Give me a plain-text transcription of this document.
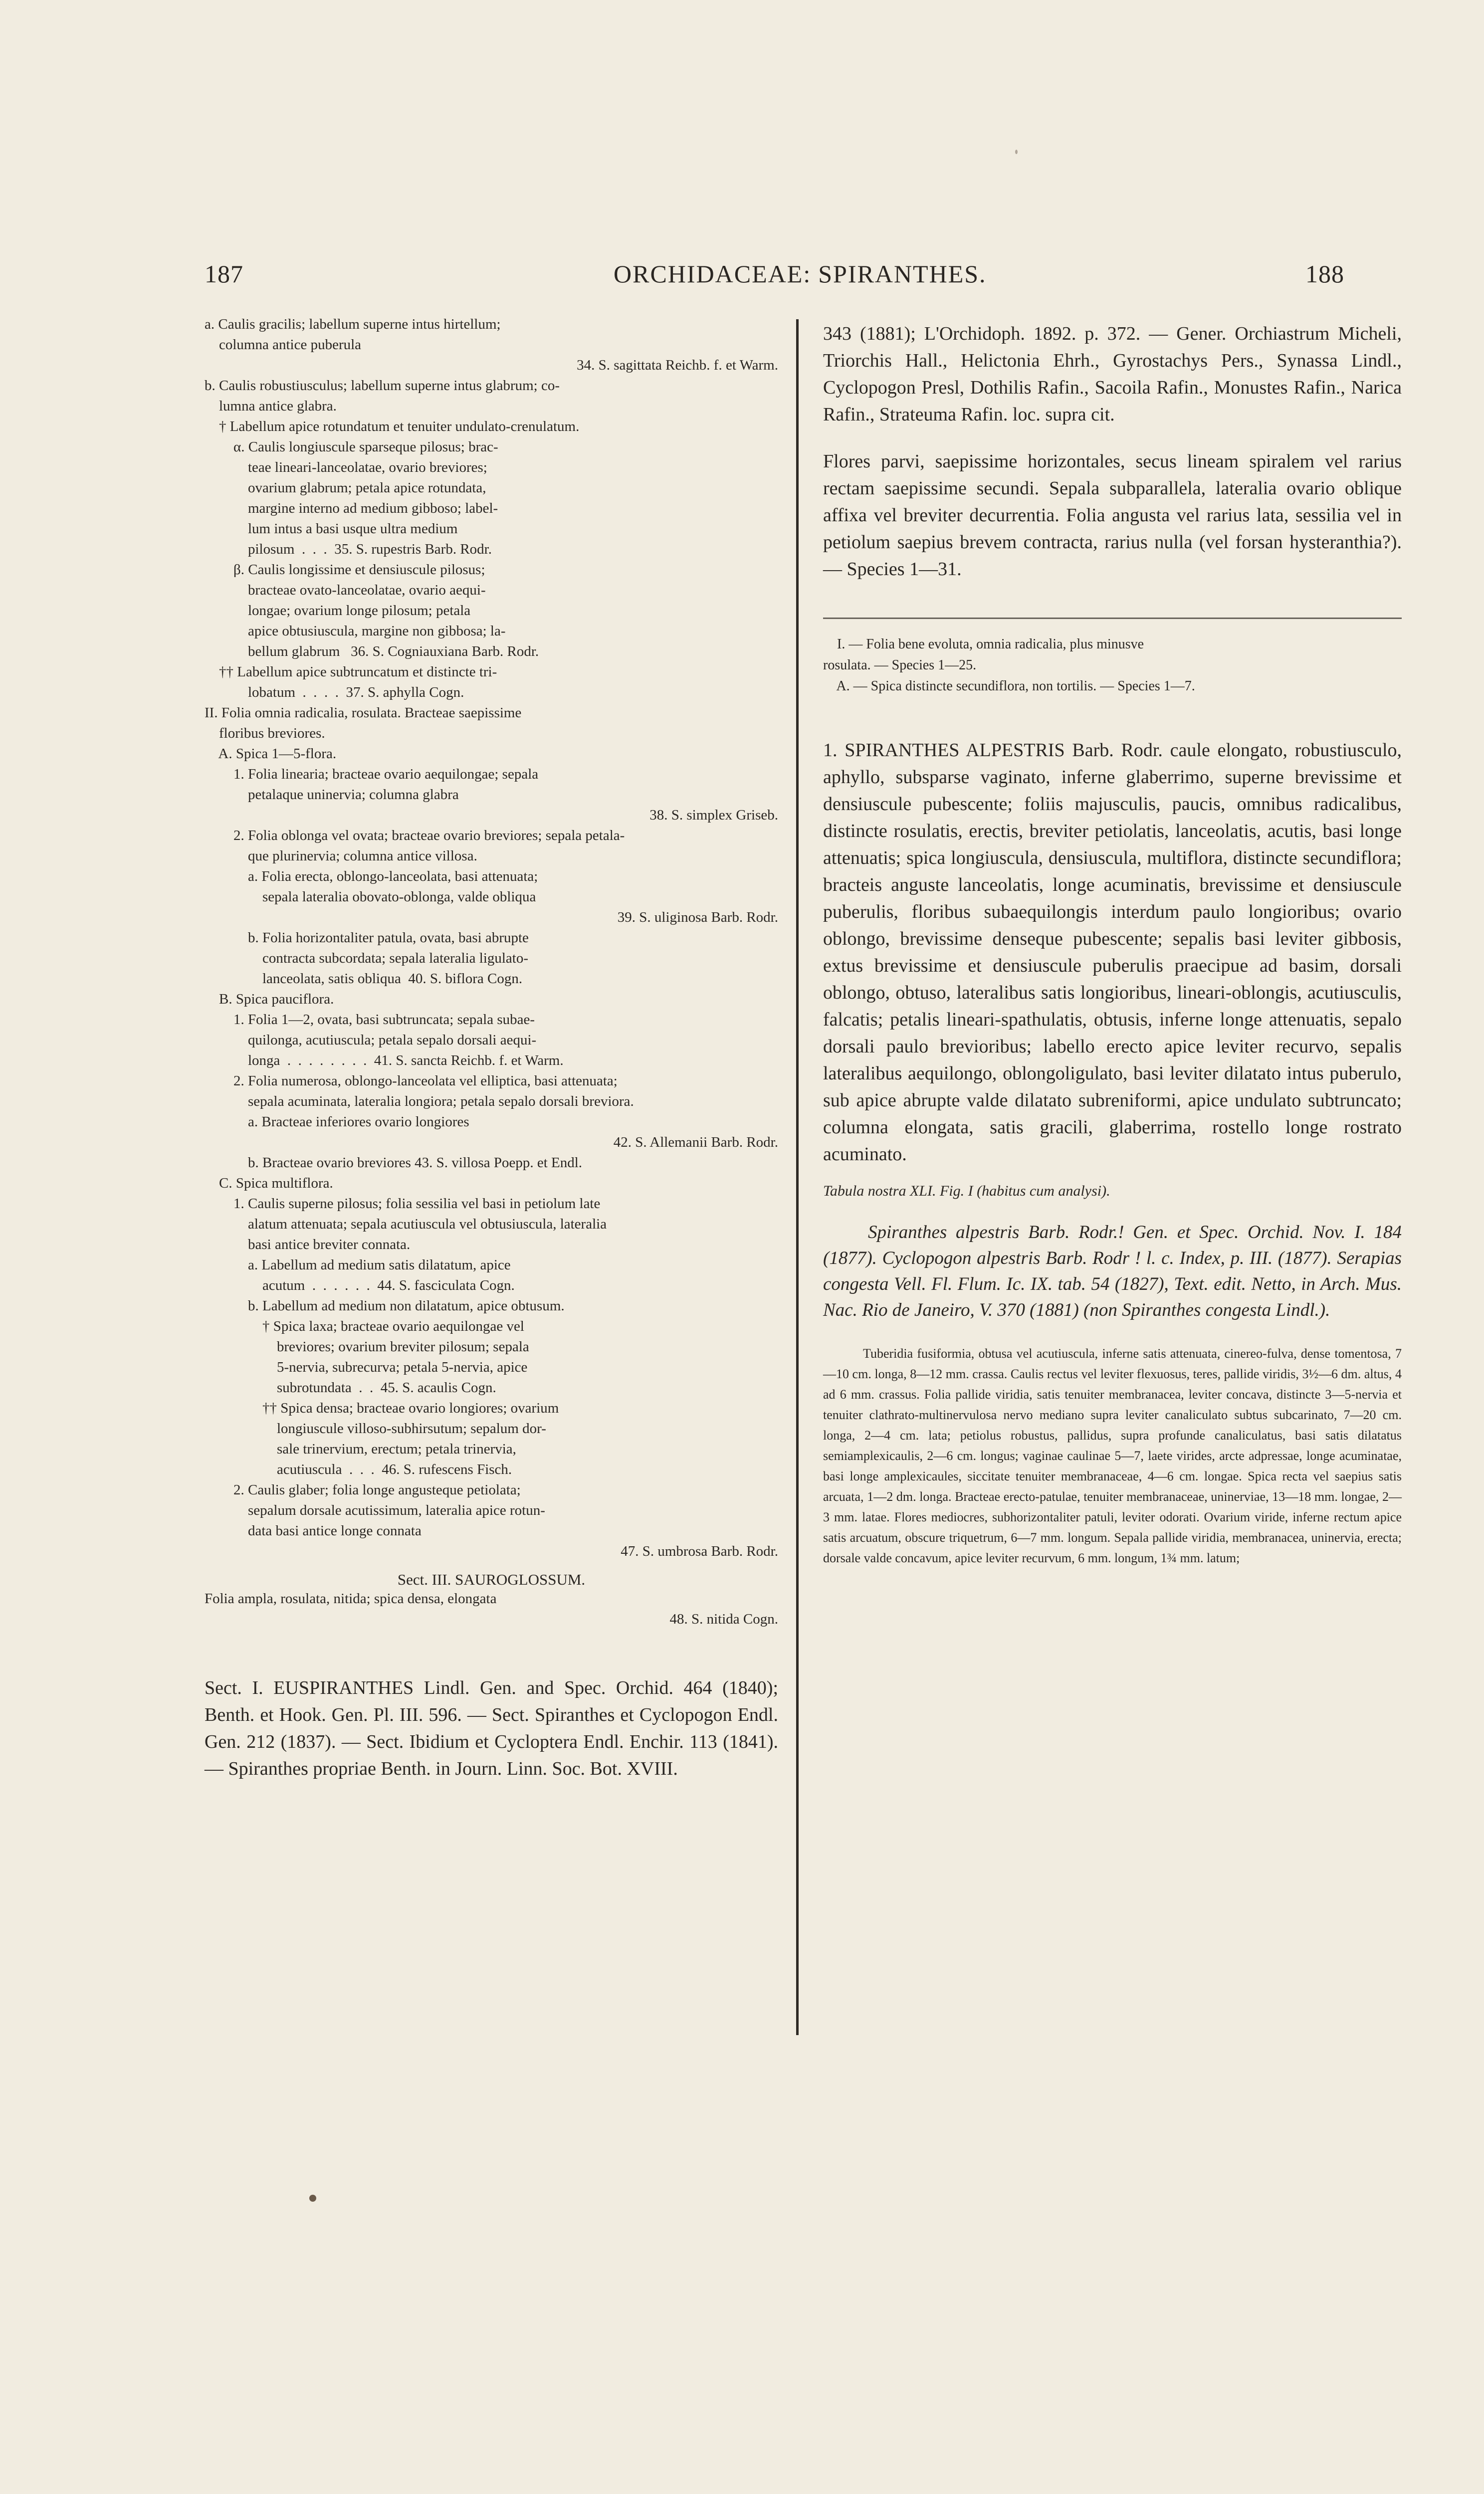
187	ORCHIDACEAE: SPIRANTHES.	188
a. Caulis gracilis; labellum superne intus hirtellum;
columna antice puberula
34. S. sagittata Reichb. f. et Warm.
b. Caulis robustiusculus; labellum superne intus glabrum; co-
lumna antice glabra.
† Labellum apice rotundatum et tenuiter undulato-crenulatum.
α. Caulis longiuscule sparseque pilosus; brac-
teae lineari-lanceolatae, ovario breviores;
ovarium glabrum; petala apice rotundata,
margine interno ad medium gibboso; label-
lum intus a basi usque ultra medium
pilosum  .  .  .  35. S. rupestris Barb. Rodr.
β. Caulis longissime et densiuscule pilosus;
bracteae ovato-lanceolatae, ovario aequi-
longae; ovarium longe pilosum; petala
apice obtusiuscula, margine non gibbosa; la-
bellum glabrum   36. S. Cogniauxiana Barb. Rodr.
†† Labellum apice subtruncatum et distincte tri-
lobatum  .  .  .  .  37. S. aphylla Cogn.
II. Folia omnia radicalia, rosulata. Bracteae saepissime
floribus breviores.
A. Spica 1—5-flora.
1. Folia linearia; bracteae ovario aequilongae; sepala
petalaque uninervia; columna glabra
38. S. simplex Griseb.
2. Folia oblonga vel ovata; bracteae ovario breviores; sepala petala-
que plurinervia; columna antice villosa.
a. Folia erecta, oblongo-lanceolata, basi attenuata;
sepala lateralia obovato-oblonga, valde obliqua
39. S. uliginosa Barb. Rodr.
b. Folia horizontaliter patula, ovata, basi abrupte
contracta subcordata; sepala lateralia ligulato-
lanceolata, satis obliqua  40. S. biflora Cogn.
B. Spica pauciflora.
1. Folia 1—2, ovata, basi subtruncata; sepala subae-
quilonga, acutiuscula; petala sepalo dorsali aequi-
longa  .  .  .  .  .  .  .  .  41. S. sancta Reichb. f. et Warm.
2. Folia numerosa, oblongo-lanceolata vel elliptica, basi attenuata;
sepala acuminata, lateralia longiora; petala sepalo dorsali breviora.
a. Bracteae inferiores ovario longiores
42. S. Allemanii Barb. Rodr.
b. Bracteae ovario breviores 43. S. villosa Poepp. et Endl.
C. Spica multiflora.
1. Caulis superne pilosus; folia sessilia vel basi in petiolum late
alatum attenuata; sepala acutiuscula vel obtusiuscula, lateralia
basi antice breviter connata.
a. Labellum ad medium satis dilatatum, apice
acutum  .  .  .  .  .  .  44. S. fasciculata Cogn.
b. Labellum ad medium non dilatatum, apice obtusum.
† Spica laxa; bracteae ovario aequilongae vel
breviores; ovarium breviter pilosum; sepala
5-nervia, subrecurva; petala 5-nervia, apice
subrotundata  .  .  45. S. acaulis Cogn.
†† Spica densa; bracteae ovario longiores; ovarium
longiuscule villoso-subhirsutum; sepalum dor-
sale trinervium, erectum; petala trinervia,
acutiuscula  .  .  .  46. S. rufescens Fisch.
2. Caulis glaber; folia longe angusteque petiolata;
sepalum dorsale acutissimum, lateralia apice rotun-
data basi antice longe connata
47. S. umbrosa Barb. Rodr.
Sect. III. SAUROGLOSSUM.
Folia ampla, rosulata, nitida; spica densa, elongata
48. S. nitida Cogn.

Sect. I. EUSPIRANTHES Lindl. Gen. and Spec. Orchid. 464 (1840); Benth. et Hook. Gen. Pl. III. 596. — Sect. Spiranthes et Cyclopogon Endl. Gen. 212 (1837). — Sect. Ibidium et Cycloptera Endl. Enchir. 113 (1841). — Spiranthes propriae Benth. in Journ. Linn. Soc. Bot. XVIII.

343 (1881); L'Orchidoph. 1892. p. 372. — Gener. Orchiastrum Micheli, Triorchis Hall., Helictonia Ehrh., Gyrostachys Pers., Synassa Lindl., Cyclopogon Presl, Dothilis Rafin., Sacoila Rafin., Monustes Rafin., Narica Rafin., Strateuma Rafin. loc. supra cit.

Flores parvi, saepissime horizontales, secus lineam spiralem vel rarius rectam saepissime secundi. Sepala subparallela, lateralia ovario oblique affixa vel breviter decurrentia. Folia angusta vel rarius lata, sessilia vel in petiolum saepius brevem contracta, rarius nulla (vel forsan hysteranthia?). — Species 1—31.

I. — Folia bene evoluta, omnia radicalia, plus minusve
rosulata. — Species 1—25.
A. — Spica distincte secundiflora, non tortilis. — Species 1—7.

1. SPIRANTHES ALPESTRIS Barb. Rodr. caule elongato, robustiusculo, aphyllo, subsparse vaginato, inferne glaberrimo, superne brevissime et densiuscule pubescente; foliis majusculis, paucis, omnibus radicalibus, distincte rosulatis, erectis, breviter petiolatis, lanceolatis, acutis, basi longe attenuatis; spica longiuscula, densiuscula, multiflora, distincte secundiflora; bracteis anguste lanceolatis, longe acuminatis, brevissime et densiuscule puberulis, floribus subaequilongis interdum paulo longioribus; ovario oblongo, brevissime denseque pubescente; sepalis basi leviter gibbosis, extus brevissime et densiuscule puberulis praecipue ad basim, dorsali oblongo, obtuso, lateralibus satis longioribus, lineari-oblongis, acutiusculis, falcatis; petalis lineari-spathulatis, obtusis, inferne longe attenuatis, sepalo dorsali paulo brevioribus; labello erecto apice leviter recurvo, sepalis lateralibus aequilongo, oblongoligulato, basi leviter dilatato intus puberulo, sub apice abrupte valde dilatato subreniformi, apice undulato subtruncato; columna elongata, satis gracili, glaberrima, rostello longe rostrato acuminato.

Tabula nostra XLI. Fig. I (habitus cum analysi).

Spiranthes alpestris Barb. Rodr.! Gen. et Spec. Orchid. Nov. I. 184 (1877). Cyclopogon alpestris Barb. Rodr ! l. c. Index, p. III. (1877). Serapias congesta Vell. Fl. Flum. Ic. IX. tab. 54 (1827), Text. edit. Netto, in Arch. Mus. Nac. Rio de Janeiro, V. 370 (1881) (non Spiranthes congesta Lindl.).

Tuberidia fusiformia, obtusa vel acutiuscula, inferne satis attenuata, cinereo-fulva, dense tomentosa, 7—10 cm. longa, 8—12 mm. crassa. Caulis rectus vel leviter flexuosus, teres, pallide viridis, 3½—6 dm. altus, 4 ad 6 mm. crassus. Folia pallide viridia, satis tenuiter membranacea, leviter concava, distincte 3—5-nervia et tenuiter clathrato-multinervulosa nervo mediano supra leviter canaliculato subtus subcarinato, 7—20 cm. longa, 2—4 cm. lata; petiolus robustus, pallidus, supra profunde canaliculatus, basi satis dilatatus semiamplexicaulis, 2—6 cm. longus; vaginae caulinae 5—7, laete virides, arcte adpressae, longe acuminatae, basi longe amplexicaules, siccitate tenuiter membranaceae, 4—6 cm. longae. Spica recta vel saepius satis arcuata, 1—2 dm. longa. Bracteae erecto-patulae, tenuiter membranaceae, uninerviae, 13—18 mm. longae, 2—3 mm. latae. Flores mediocres, subhorizontaliter patuli, leviter odorati. Ovarium viride, inferne rectum apice satis arcuatum, obscure triquetrum, 6—7 mm. longum. Sepala pallide viridia, membranacea, uninervia, erecta; dorsale valde concavum, apice leviter recurvum, 6 mm. longum, 1¾ mm. latum;
